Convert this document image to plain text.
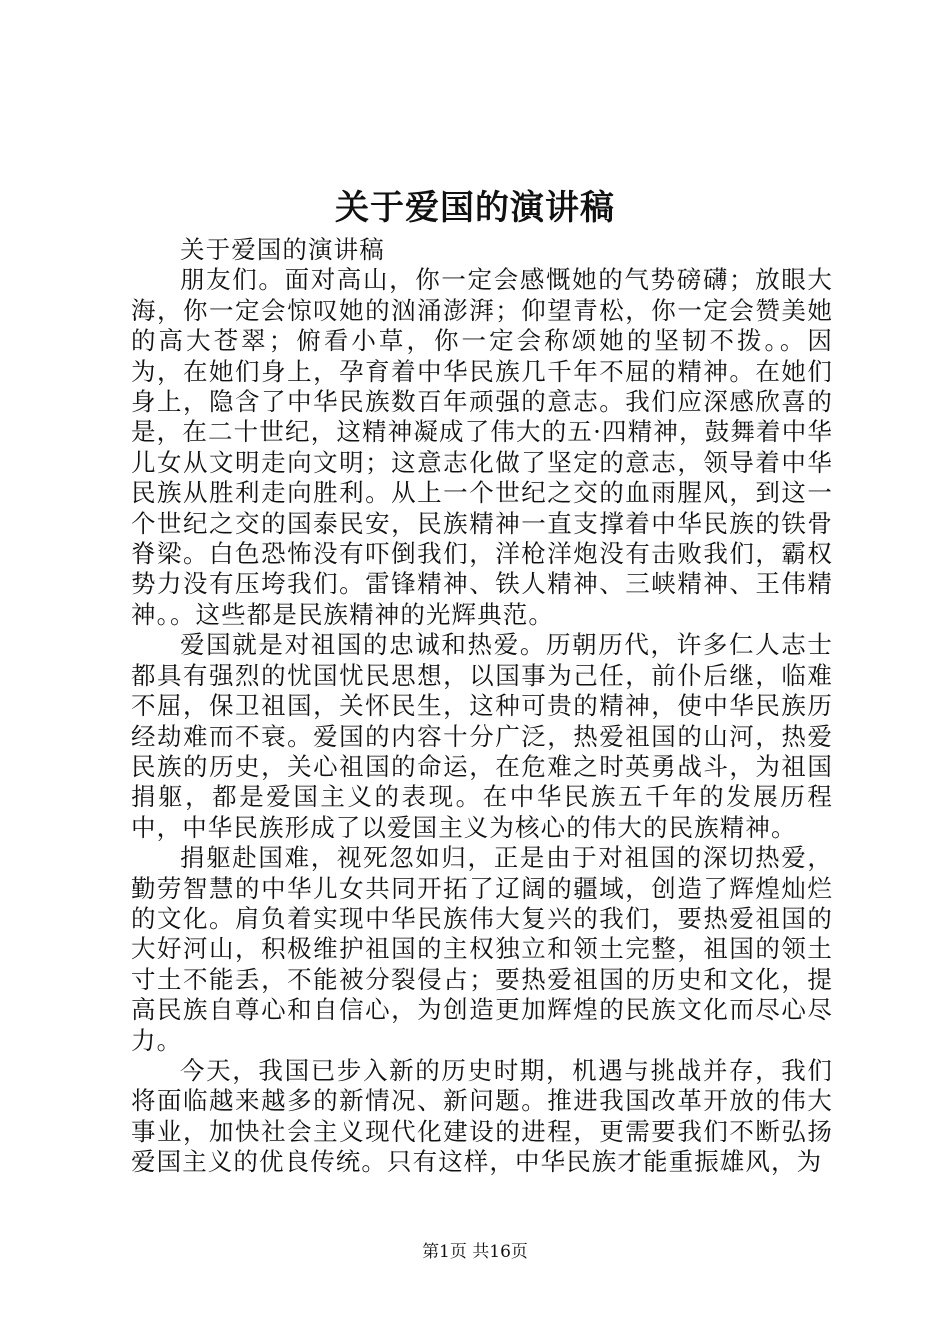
关于爱国的演讲稿

关于爱国的演讲稿

朋友们。面对高山，你一定会感慨她的气势磅礴；放眼大海，你一定会惊叹她的汹涌澎湃；仰望青松，你一定会赞美她的高大苍翠；俯看小草，你一定会称颂她的坚韧不拨。。因为，在她们身上，孕育着中华民族几千年不屈的精神。在她们身上，隐含了中华民族数百年顽强的意志。我们应深感欣喜的是，在二十世纪，这精神凝成了伟大的五·四精神，鼓舞着中华儿女从文明走向文明；这意志化做了坚定的意志，领导着中华民族从胜利走向胜利。从上一个世纪之交的血雨腥风，到这一个世纪之交的国泰民安，民族精神一直支撑着中华民族的铁骨脊梁。白色恐怖没有吓倒我们，洋枪洋炮没有击败我们，霸权势力没有压垮我们。雷锋精神、铁人精神、三峡精神、王伟精神。。这些都是民族精神的光辉典范。

爱国就是对祖国的忠诚和热爱。历朝历代，许多仁人志士都具有强烈的忧国忧民思想，以国事为己任，前仆后继，临难不屈，保卫祖国，关怀民生，这种可贵的精神，使中华民族历经劫难而不衰。爱国的内容十分广泛，热爱祖国的山河，热爱民族的历史，关心祖国的命运，在危难之时英勇战斗，为祖国捐躯，都是爱国主义的表现。在中华民族五千年的发展历程中，中华民族形成了以爱国主义为核心的伟大的民族精神。

捐躯赴国难，视死忽如归，正是由于对祖国的深切热爱，勤劳智慧的中华儿女共同开拓了辽阔的疆域，创造了辉煌灿烂的文化。肩负着实现中华民族伟大复兴的我们，要热爱祖国的大好河山，积极维护祖国的主权独立和领土完整，祖国的领土寸土不能丢，不能被分裂侵占；要热爱祖国的历史和文化，提高民族自尊心和自信心，为创造更加辉煌的民族文化而尽心尽力。

今天，我国已步入新的历史时期，机遇与挑战并存，我们将面临越来越多的新情况、新问题。推进我国改革开放的伟大事业，加快社会主义现代化建设的进程，更需要我们不断弘扬爱国主义的优良传统。只有这样，中华民族才能重振雄风，为

第1页 共16页
